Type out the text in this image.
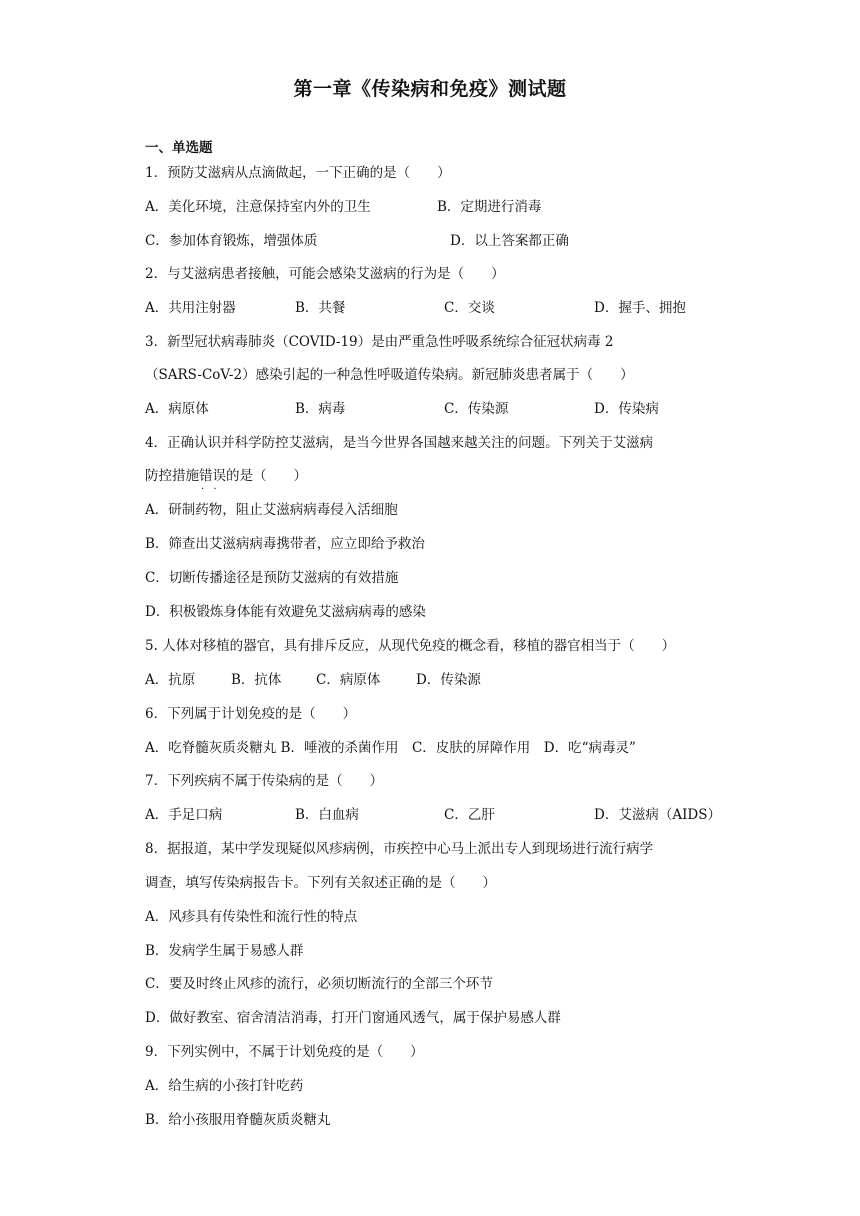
第一章《传染病和免疫》测试题
一、单选题
1．预防艾滋病从点滴做起，一下正确的是（　　）
A．美化环境，注意保持室内外的卫生	B．定期进行消毒
C．参加体育锻炼，增强体质	D．以上答案都正确
2．与艾滋病患者接触，可能会感染艾滋病的行为是（　　）
A．共用注射器	B．共餐	C．交谈	D．握手、拥抱
3．新型冠状病毒肺炎（COVID-19）是由严重急性呼吸系统综合征冠状病毒 2
（SARS-CoV-2）感染引起的一种急性呼吸道传染病。新冠肺炎患者属于（　　）
A．病原体	B．病毒	C．传染源	D．传染病
4．正确认识并科学防控艾滋病，是当今世界各国越来越关注的问题。下列关于艾滋病
防控措施错误 · ·的是（　　）
A．研制药物，阻止艾滋病病毒侵入活细胞
B．筛查出艾滋病病毒携带者，应立即给予救治
C．切断传播途径是预防艾滋病的有效措施
D．积极锻炼身体能有效避免艾滋病病毒的感染
5. 人体对移植的器官，具有排斥反应，从现代免疫的概念看，移植的器官相当于（　　）
A．抗原	B．抗体	C．病原体	D．传染源
6．下列属于计划免疫的是（　　）
A．吃脊髓灰质炎糖丸 B．唾液的杀菌作用　C．皮肤的屏障作用　D．吃“病毒灵”
7．下列疾病不属于传染病的是（　　）
A．手足口病	B．白血病	C．乙肝	D．艾滋病（AIDS）
8．据报道，某中学发现疑似风疹病例，市疾控中心马上派出专人到现场进行流行病学
调查，填写传染病报告卡。下列有关叙述正确的是（　　）
A．风疹具有传染性和流行性的特点
B．发病学生属于易感人群
C．要及时终止风疹的流行，必须切断流行的全部三个环节
D．做好教室、宿舍清洁消毒，打开门窗通风透气，属于保护易感人群
9．下列实例中，不属于计划免疫的是（　　）
A．给生病的小孩打针吃药
B．给小孩服用脊髓灰质炎糖丸
